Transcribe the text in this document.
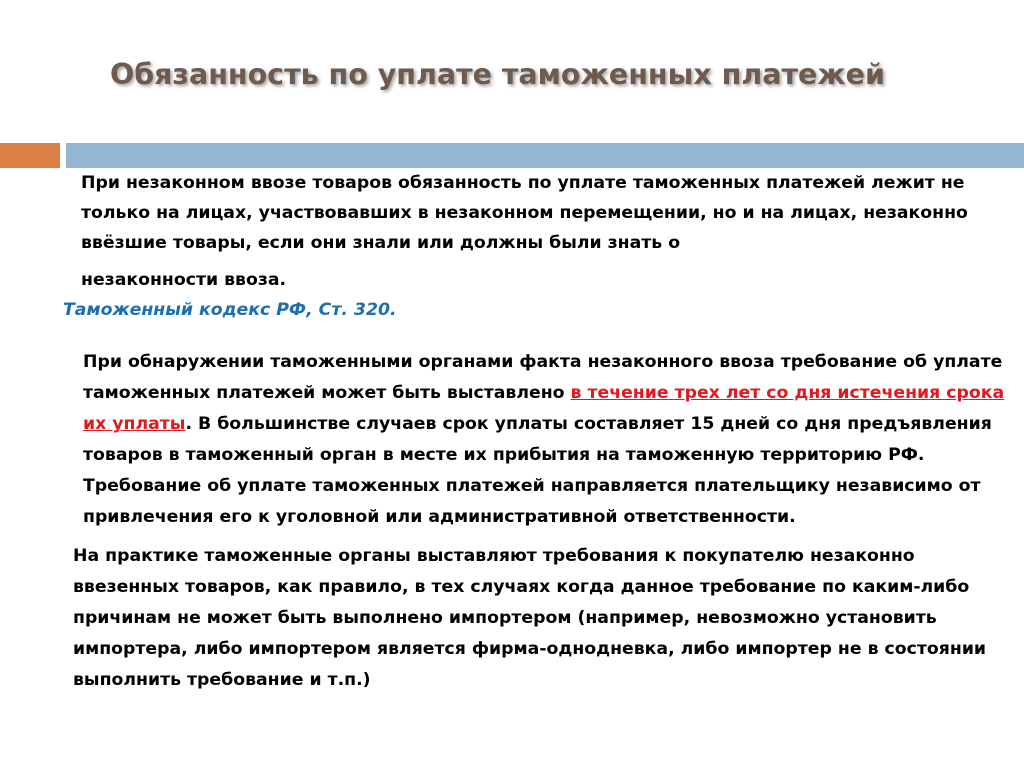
Обязанность по уплате таможенных платежей

При незаконном ввозе товаров обязанность по уплате таможенных платежей лежит не только на лицах, участвовавших в незаконном перемещении, но и на лицах, незаконно ввёзшие товары, если они знали или должны были знать о
незаконности ввоза.

Таможенный кодекс РФ, Ст. 320.

При обнаружении таможенными органами факта незаконного ввоза требование об уплате таможенных платежей может быть выставлено в течение трех лет со дня истечения срока их уплаты. В большинстве случаев срок уплаты составляет 15 дней со дня предъявления товаров в таможенный орган в месте их прибытия на таможенную территорию РФ. Требование об уплате таможенных платежей направляется плательщику независимо от привлечения его к уголовной или административной ответственности.

На практике таможенные органы выставляют требования к покупателю незаконно ввезенных товаров, как правило, в тех случаях когда данное требование по каким-либо причинам не может быть выполнено импортером (например, невозможно установить импортера, либо импортером является фирма-однодневка, либо импортер не в состоянии выполнить требование и т.п.)
